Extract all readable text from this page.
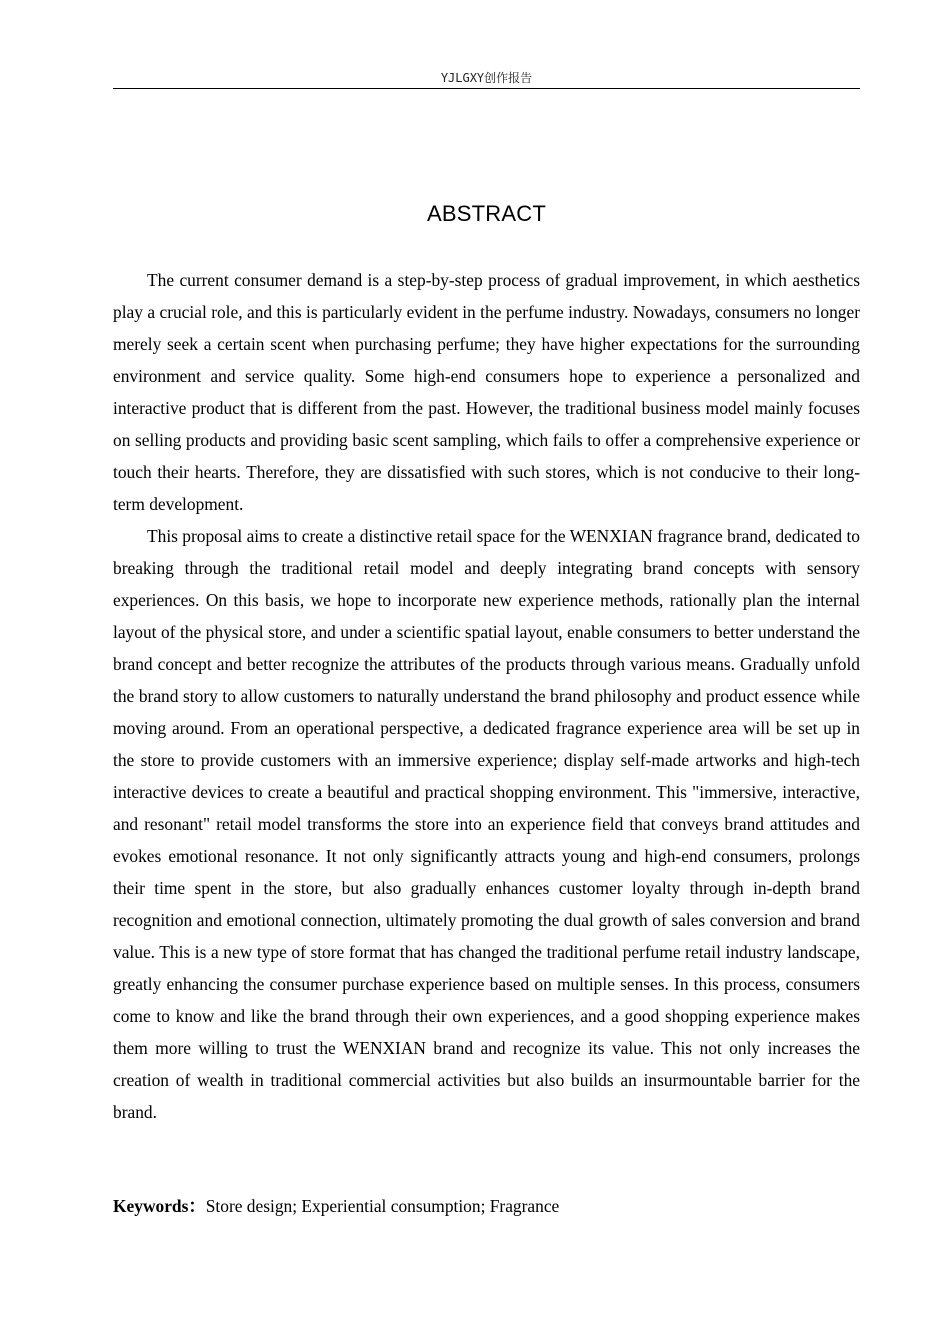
YJLGXY创作报告
ABSTRACT

The current consumer demand is a step-by-step process of gradual improvement, in which aesthetics play a crucial role, and this is particularly evident in the perfume industry. Nowadays, consumers no longer merely seek a certain scent when purchasing perfume; they have higher expectations for the surrounding environment and service quality. Some high-end consumers hope to experience a personalized and interactive product that is different from the past. However, the traditional business model mainly focuses on selling products and providing basic scent sampling, which fails to offer a comprehensive experience or touch their hearts. Therefore, they are dissatisfied with such stores, which is not conducive to their long-term development.

This proposal aims to create a distinctive retail space for the WENXIAN fragrance brand, dedicated to breaking through the traditional retail model and deeply integrating brand concepts with sensory experiences. On this basis, we hope to incorporate new experience methods, rationally plan the internal layout of the physical store, and under a scientific spatial layout, enable consumers to better understand the brand concept and better recognize the attributes of the products through various means. Gradually unfold the brand story to allow customers to naturally understand the brand philosophy and product essence while moving around. From an operational perspective, a dedicated fragrance experience area will be set up in the store to provide customers with an immersive experience; display self-made artworks and high-tech interactive devices to create a beautiful and practical shopping environment. This "immersive, interactive, and resonant" retail model transforms the store into an experience field that conveys brand attitudes and evokes emotional resonance. It not only significantly attracts young and high-end consumers, prolongs their time spent in the store, but also gradually enhances customer loyalty through in-depth brand recognition and emotional connection, ultimately promoting the dual growth of sales conversion and brand value. This is a new type of store format that has changed the traditional perfume retail industry landscape, greatly enhancing the consumer purchase experience based on multiple senses. In this process, consumers come to know and like the brand through their own experiences, and a good shopping experience makes them more willing to trust the WENXIAN brand and recognize its value. This not only increases the creation of wealth in traditional commercial activities but also builds an insurmountable barrier for the brand.

Keywords：Store design; Experiential consumption; Fragrance
